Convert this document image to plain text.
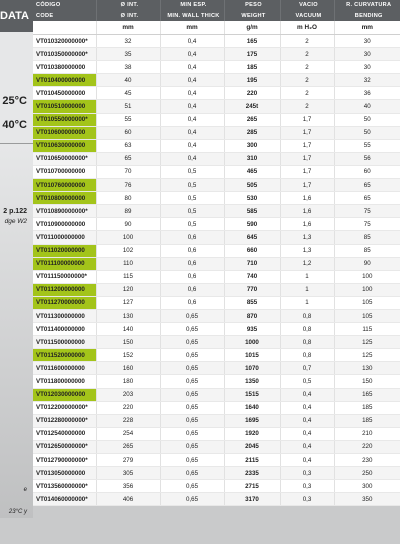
DATA
25°C
40°C
2 p.122
dge W2
e
23°C y
CÓDIGO	Ø INT.	MIN ESP.	PESO	VACIO	R. CURVATURA
CODE	Ø INT.	MIN. WALL THICK	WEIGHT	VACUUM	BENDING
	mm	mm	g/m	m H₂O	mm
VT010320000000*	32	0,4	165	2	30
VT010350000000*	35	0,4	175	2	30
VT010380000000	38	0,4	185	2	30
VT010400000000	40	0,4	195	2	32
VT010450000000	45	0,4	220	2	36
VT010510000000	51	0,4	245t	2	40
VT010550000000*	55	0,4	265	1,7	50
VT010600000000	60	0,4	285	1,7	50
VT010630000000	63	0,4	300	1,7	55
VT010650000000*	65	0,4	310	1,7	56
VT010700000000	70	0,5	465	1,7	60
VT010760000000	76	0,5	505	1,7	65
VT010800000000	80	0,5	530	1,6	65
VT010890000000*	89	0,5	585	1,6	75
VT010900000000	90	0,5	590	1,6	75
VT011000000000	100	0,6	645	1,3	85
VT011020000000	102	0,6	660	1,3	85
VT011100000000	110	0,6	710	1,2	90
VT011150000000*	115	0,6	740	1	100
VT011200000000	120	0,6	770	1	100
VT011270000000	127	0,6	855	1	105
VT011300000000	130	0,65	870	0,8	105
VT011400000000	140	0,65	935	0,8	115
VT011500000000	150	0,65	1000	0,8	125
VT011520000000	152	0,65	1015	0,8	125
VT011600000000	160	0,65	1070	0,7	130
VT011800000000	180	0,65	1350	0,5	150
VT012030000000	203	0,65	1515	0,4	165
VT012200000000*	220	0,65	1640	0,4	185
VT012280000000*	228	0,65	1695	0,4	185
VT012540000000	254	0,65	1920	0,4	210
VT012650000000*	265	0,65	2045	0,4	220
VT012790000000*	279	0,65	2115	0,4	230
VT013050000000	305	0,65	2335	0,3	250
VT013560000000*	356	0,65	2715	0,3	300
VT014060000000*	406	0,65	3170	0,3	350
